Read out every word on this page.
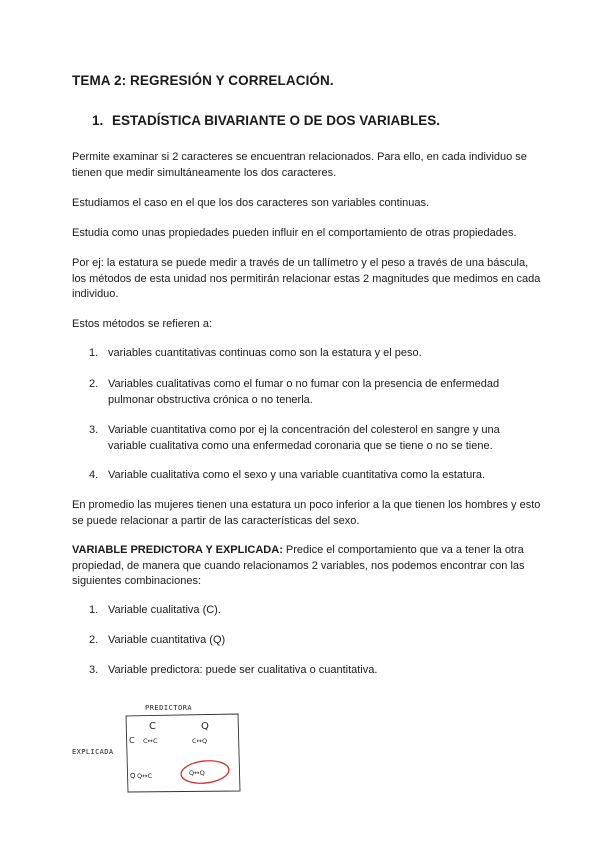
TEMA 2: REGRESIÓN Y CORRELACIÓN.
1. ESTADÍSTICA BIVARIANTE O DE DOS VARIABLES.

Permite examinar si 2 caracteres se encuentran relacionados. Para ello, en cada individuo se tienen que medir simultáneamente los dos caracteres.

Estudiamos el caso en el que los dos caracteres son variables continuas.

Estudia como unas propiedades pueden influir en el comportamiento de otras propiedades.

Por ej: la estatura se puede medir a través de un tallímetro y el peso a través de una báscula, los métodos de esta unidad nos permitirán relacionar estas 2 magnitudes que medimos en cada individuo.

Estos métodos se refieren a:

1. variables cuantitativas continuas como son la estatura y el peso.
2. Variables cualitativas como el fumar o no fumar con la presencia de enfermedad pulmonar obstructiva crónica o no tenerla.
3. Variable cuantitativa como por ej la concentración del colesterol en sangre y una variable cualitativa como una enfermedad coronaria que se tiene o no se tiene.
4. Variable cualitativa como el sexo y una variable cuantitativa como la estatura.

En promedio las mujeres tienen una estatura un poco inferior a la que tienen los hombres y esto se puede relacionar a partir de las características del sexo.

VARIABLE PREDICTORA Y EXPLICADA: Predice el comportamiento que va a tener la otra propiedad, de manera que cuando relacionamos 2 variables, nos podemos encontrar con las siguientes combinaciones:

1. Variable cualitativa (C).
2. Variable cuantitativa (Q)
3. Variable predictora: puede ser cualitativa o cuantitativa.
PREDICTORA
EXPLICADA
C	Q
C C↔C	C↔Q
Q Q↔C	Q↔Q
